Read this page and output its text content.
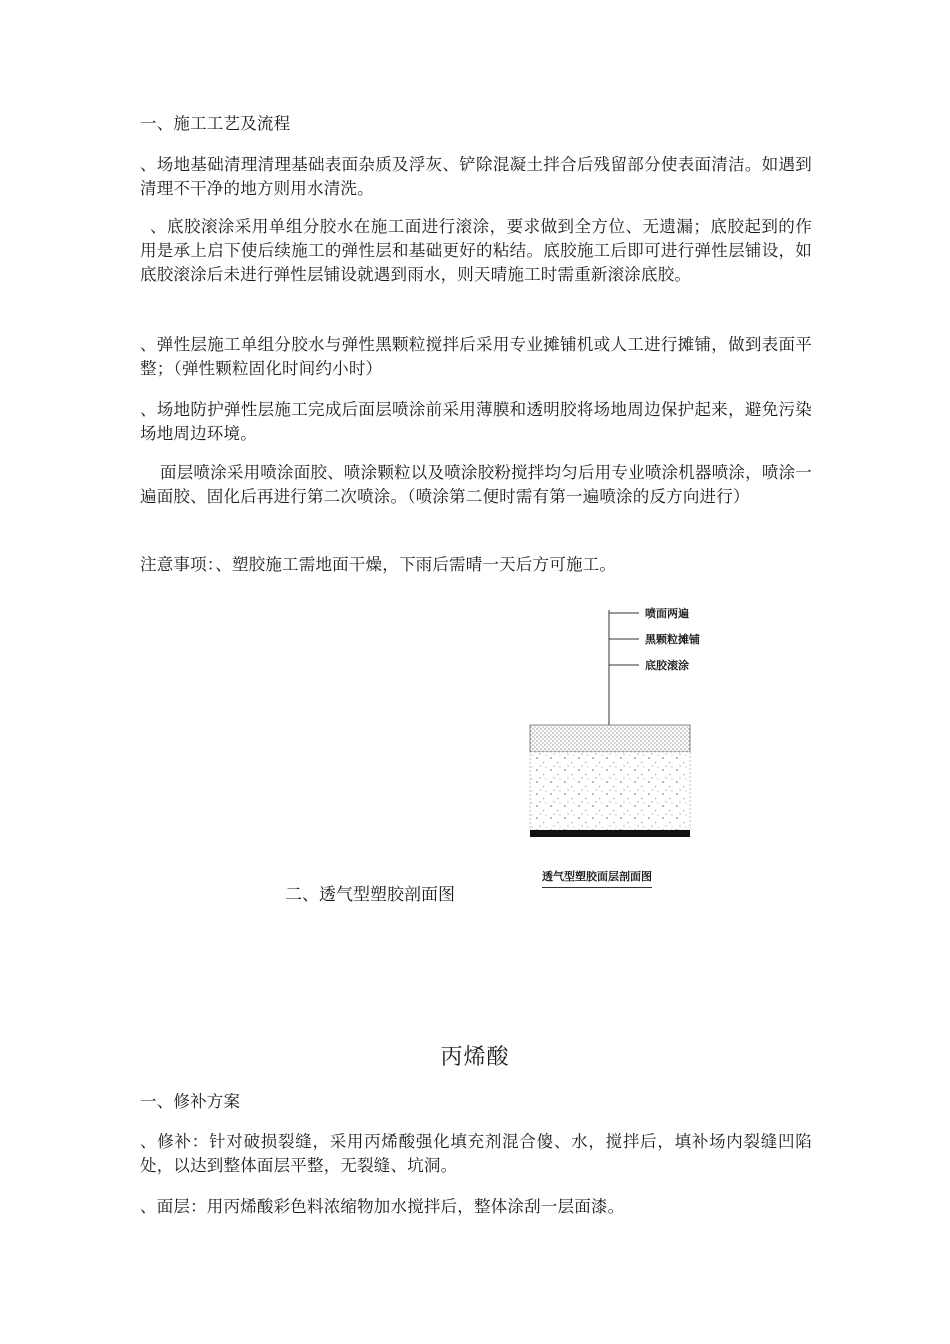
一、施工工艺及流程

、场地基础清理清理基础表面杂质及浮灰、铲除混凝土拌合后残留部分使表面清洁。如遇到清理不干净的地方则用水清洗。

、底胶滚涂采用单组分胶水在施工面进行滚涂，要求做到全方位、无遗漏；底胶起到的作用是承上启下使后续施工的弹性层和基础更好的粘结。底胶施工后即可进行弹性层铺设，如底胶滚涂后未进行弹性层铺设就遇到雨水，则天晴施工时需重新滚涂底胶。

、弹性层施工单组分胶水与弹性黑颗粒搅拌后采用专业摊铺机或人工进行摊铺，做到表面平整；（弹性颗粒固化时间约小时）

、场地防护弹性层施工完成后面层喷涂前采用薄膜和透明胶将场地周边保护起来，避免污染场地周边环境。

面层喷涂采用喷涂面胶、喷涂颗粒以及喷涂胶粉搅拌均匀后用专业喷涂机器喷涂，喷涂一遍面胶、固化后再进行第二次喷涂。（喷涂第二便时需有第一遍喷涂的反方向进行）

注意事项：、塑胶施工需地面干燥，下雨后需晴一天后方可施工。

喷面两遍
黑颗粒摊铺
底胶滚涂
透气型塑胶面层剖面图
二、透气型塑胶剖面图
丙烯酸

一、修补方案

、修补：针对破损裂缝，采用丙烯酸强化填充剂混合傻、水，搅拌后，填补场内裂缝凹陷处，以达到整体面层平整，无裂缝、坑洞。

、面层：用丙烯酸彩色料浓缩物加水搅拌后，整体涂刮一层面漆。
